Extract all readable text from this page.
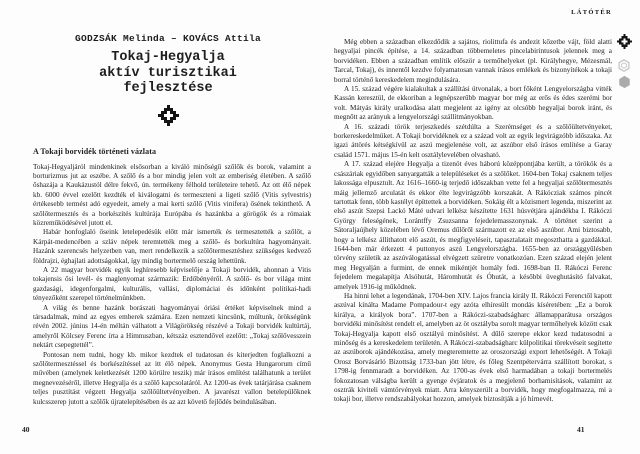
GODZSÁK Melinda – KOVÁCS Attila
Tokaj-Hegyalja
aktív turisztikai
fejlesztése
A Tokaji borvidék történeti vázlata

Tokaj-Hegyaljáról mindenkinek elsősorban a kiváló minőségű szőlők és borok, valamint a borturizmus jut az eszébe. A szőlő és a bor mindig jelen volt az emberiség életében. A szőlő őshazája a Kaukázustól délre fekvő, ún. termékeny félhold területeire tehető. Az ott élő népek kb. 6000 évvel ezelőtt kezdték el kiválogatni és termeszteni a ligeti szőlő (Vitis sylvestris) értékesebb termést adó egyedeit, amely a mai kerti szőlő (Vitis vinifera) ősének tekinthető. A szőlőtermesztés és a borkészítés kultúrája Európába és hazánkba a görögök és a rómaiak közreműködésével jutott el.

Habár honfoglaló őseink letelepedésük előtt már ismerték és termesztették a szőlőt, a Kárpát-medencében a szláv népek teremtették meg a szőlő- és borkultúra hagyományait. Hazánk szerencsés helyzetben van, mert rendelkezik a szőlőtermesztéshez szükséges kedvező földrajzi, éghajlati adottságokkal, így mindig bortermelő ország lehettünk.

A 22 magyar borvidék egyik leghíresebb képviselője a Tokaji borvidék, ahonnan a Vitis tokajensis ősi levél- és maglenyomat származik: Erdőbényéről. A szőlő- és bor világa mint gazdasági, idegenforgalmi, kulturális, vallási, diplomáciai és időnként politikai-hadi tényezőként szerepel történelmünkben.

A világ és benne hazánk borászati hagyományai óriási értéket képviselnek mind a társadalmak, mind az egyes emberek számára. Ezen nemzeti kincsünk, múltunk, örökségünk révén 2002. június 14-én méltán válhatott a Világörökség részévé a Tokaji borvidék kultúrtáj, amelyről Kölcsey Ferenc írta a Himnuszban, kétszáz esztendővel ezelőtt: „Tokaj szőlővesszein nektárt csepegtettél”.

Pontosan nem tudni, hogy kb. mikor kezdtek el tudatosan és kiterjedten foglalkozni a szőlőtermesztéssel és borkészítéssel az itt élő népek. Anonymus Gesta Hungarorum című művében (amelynek keletkezését 1200 körülre teszik) már írásos említést találhatunk a terület megnevezéséről, illetve Hegyalja és a szőlő kapcsolatáról. Az 1200-as évek tatárjárása csaknem teljes pusztítást végzett Hegyalja szőlőültetvényeiben. A javarészt vallon betelepülőknek kulcsszerep jutott a szőlők újratelepítésében és az azt követő fejlődés beindulásában.

LÁTÓTÉR

Még ebben a században elkezdődik a sajátos, riolittufa és andezit kőzetbe vájt, föld alatti hegyaljai pincék építése, a 14. században többemeletes pincelabirintusok jelennek meg a borvidéken. Ebben a században említik először a termőhelyeket (pl. Királyhegye, Mézesmál, Tarcal, Tokaj), és innentől kezdve folyamatosan vannak írásos emlékek és bizonyítékok a tokaji borral történő kereskedelem megindulására.

A 15. század végére kialakultak a szállítási útvonalak, a bort főként Lengyelországba vitték Kassán keresztül, de ekkoriban a legnépszerűbb magyar bor még az erős és édes szerémi bor volt. Mátyás király uralkodása alatt megjelent az igény az olcsóbb hegyaljai borok iránt, és megnőtt az arányuk a lengyelországi szállítmányokban.

A 16. századi török terjeszkedés szétdúlta a Szerémséget és a szőlőültetvényeket, borkereskedelmüket. A Tokaji borvidéknek ez a század volt az egyik legvirágzóbb időszaka. Az igazi áttörés kétségkívül az aszú megjelenése volt, az aszúbor első írásos említése a Garay család 1571. május 15-én kelt osztálylevelében olvasható.

A 17. század elejére Hegyalja a tizenöt éves háború középpontjába került, a törökök és a császáriak egyidőben sanyargatták a településeket és a szőlőket. 1604-ben Tokaj csaknem teljes lakossága elpusztult. Az 1616–1660-ig terjedő időszakban vette fel a hegyaljai szőlőtermesztés máig jellemző arculatát és ekkor élte legvirágzóbb korszakát. A Rákócziak számos pincét tartottak fenn, több kastélyt építtettek a borvidéken. Sokáig élt a közismert legenda, miszerint az első aszút Szepsi Lackó Máté udvari lelkész készítette 1631 húsvétjára ajándékba I. Rákóczi György feleségének, Lorántffy Zsuzsanna fejedelemasszonynak. A történet szerint a Sátoraljaújhely közelében lévő Oremus dűlőről származott ez az első aszúbor. Ami biztosabb, hogy a lelkész állíthatott elő aszút, és megfigyeléseit, tapasztalatait megoszthatta a gazdákkal. 1644-ben már érkezett 4 puttonyos aszú Lengyelországba. 1655-ben az országgyűlésben törvény születik az aszúválogatással elvégzett szüretre vonatkozóan. Ezen század elején jelent meg Hegyalján a furmint, de ennek mikéntjét homály fedi. 1698-ban II. Rákóczi Ferenc fejedelem megalapítja Alsóhutát, Háromhutát és Óhutát, a későbbi üveghutásító falvakat, amelyek 1916-ig működnek.

Ha hinni lehet a legendának, 1704-ben XIV. Lajos francia király II. Rákóczi Ferenctől kapott aszúval kínálta Madame Pompadour-t egy azóta elhíresült mondás kíséretében: „Ez a borok királya, a királyok bora”. 1707-ben a Rákóczi-szabadságharc államapparátusa országos borvidéki minősítést rendelt el, amelyben az öt osztályba sorolt magyar termőhelyek között csak Tokaj-Hegyalja kapott első osztályú minősítést. A dűlő szerepe ekkor kezd tudatosodni a minőség és a kereskedelem területén. A Rákóczi-szabadságharc külpolitikai törekvéseit segítette az aszúborok ajándékozása, amely megteremtette az oroszországi export lehetőségét. A Tokaji Orosz Borvásárló Bizottság 1733-ban jött létre, és főleg Szentpétervárra szállított borokat, s 1798-ig fennmaradt a borvidéken. Az 1700-as évek első harmadában a tokaji bortermelés fokozatosan válságba került a gyenge évjáratok és a megjelenő borhamisítások, valamint az osztrák kiviteli vámtörvények miatt. Arra kényszerült a borvidék, hogy megfogalmazza, mi a tokaji bor, illetve rendszabályokat hozzon, amelyek biztosítják a jó hírnevét.

40	41
